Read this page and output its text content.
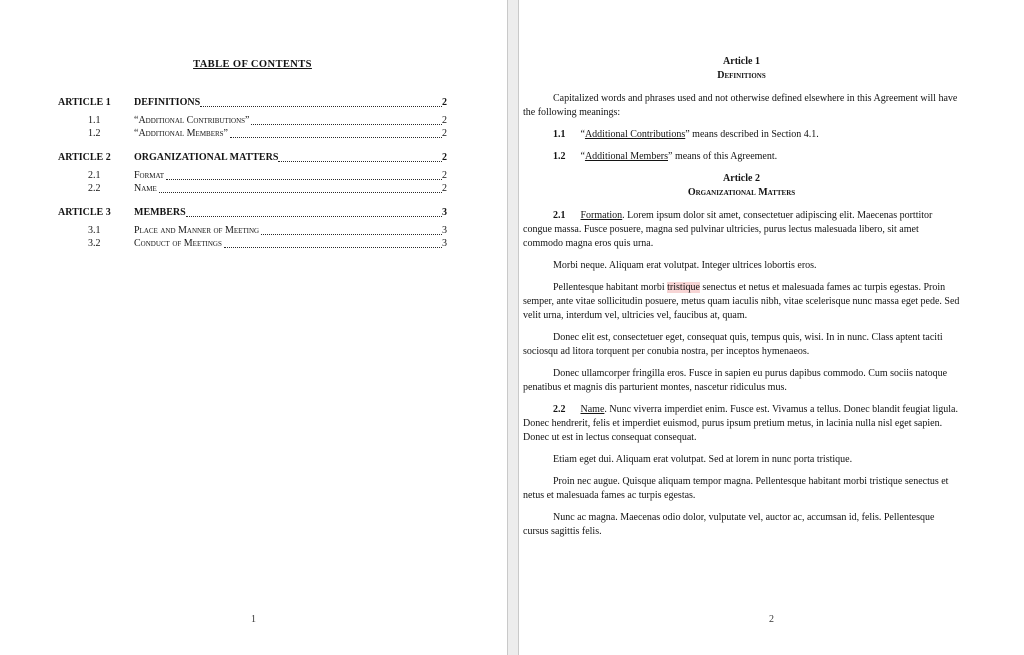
TABLE OF CONTENTS
ARTICLE 1	DEFINITIONS	2
1.1	“Additional Contributions”	2
1.2	“Additional Members”	2
ARTICLE 2	ORGANIZATIONAL MATTERS	2
2.1	Format	2
2.2	Name	2
ARTICLE 3	MEMBERS	3
3.1	Place and Manner of Meeting	3
3.2	Conduct of Meetings	3
1
Article 1
Definitions

Capitalized words and phrases used and not otherwise defined elsewhere in this Agreement will have the following meanings:

1.1 “Additional Contributions” means described in Section 4.1.

1.2 “Additional Members” means of this Agreement.

Article 2
Organizational Matters

2.1 Formation. Lorem ipsum dolor sit amet, consectetuer adipiscing elit. Maecenas porttitor congue massa. Fusce posuere, magna sed pulvinar ultricies, purus lectus malesuada libero, sit amet commodo magna eros quis urna.

Morbi neque. Aliquam erat volutpat. Integer ultrices lobortis eros.

Pellentesque habitant morbi tristique senectus et netus et malesuada fames ac turpis egestas. Proin semper, ante vitae sollicitudin posuere, metus quam iaculis nibh, vitae scelerisque nunc massa eget pede. Sed velit urna, interdum vel, ultricies vel, faucibus at, quam.

Donec elit est, consectetuer eget, consequat quis, tempus quis, wisi. In in nunc. Class aptent taciti sociosqu ad litora torquent per conubia nostra, per inceptos hymenaeos.

Donec ullamcorper fringilla eros. Fusce in sapien eu purus dapibus commodo. Cum sociis natoque penatibus et magnis dis parturient montes, nascetur ridiculus mus.

2.2 Name. Nunc viverra imperdiet enim. Fusce est. Vivamus a tellus. Donec blandit feugiat ligula. Donec hendrerit, felis et imperdiet euismod, purus ipsum pretium metus, in lacinia nulla nisl eget sapien. Donec ut est in lectus consequat consequat.

Etiam eget dui. Aliquam erat volutpat. Sed at lorem in nunc porta tristique.

Proin nec augue. Quisque aliquam tempor magna. Pellentesque habitant morbi tristique senectus et netus et malesuada fames ac turpis egestas.

Nunc ac magna. Maecenas odio dolor, vulputate vel, auctor ac, accumsan id, felis. Pellentesque cursus sagittis felis.

2
